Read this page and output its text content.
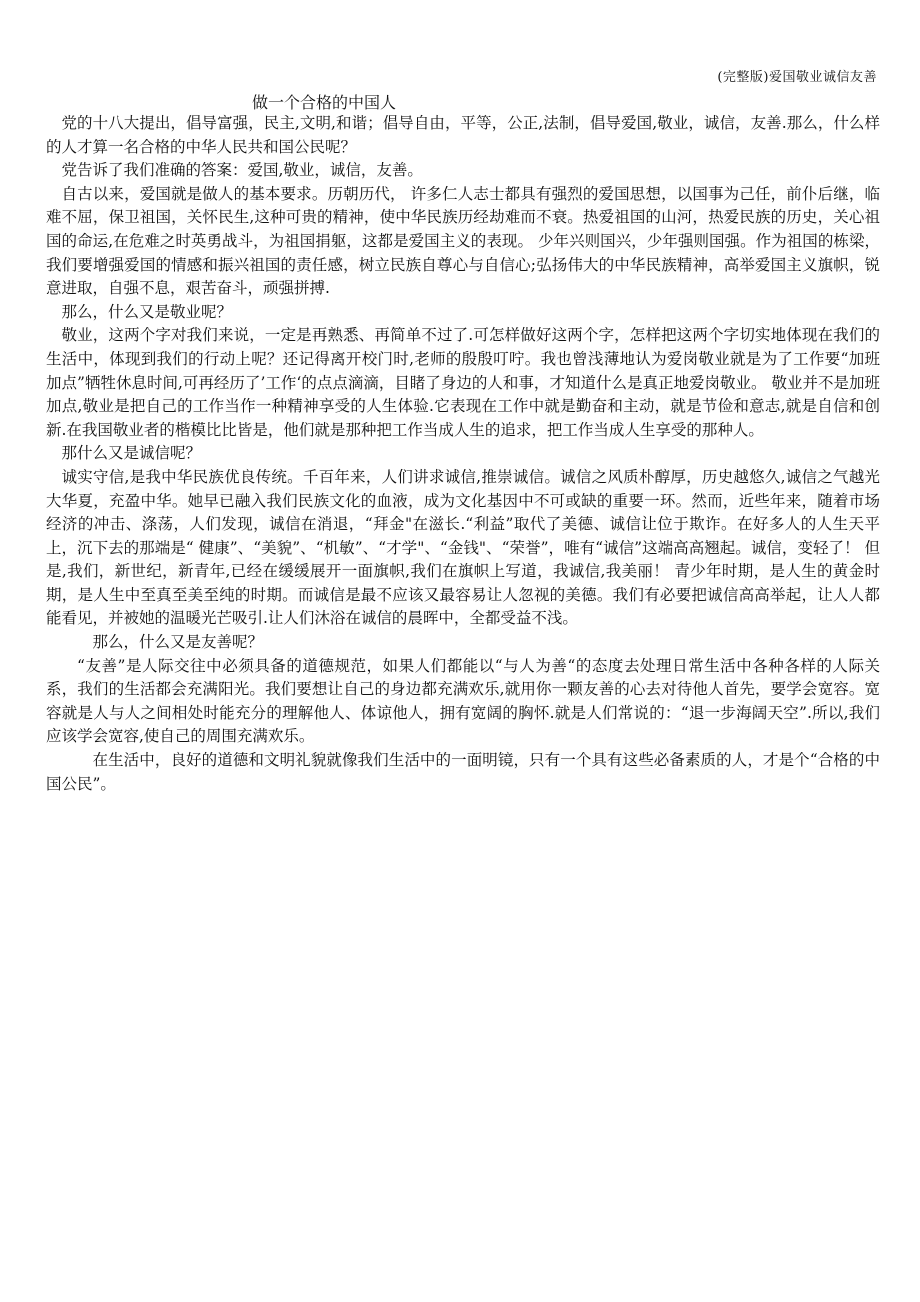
(完整版)爱国敬业诚信友善
做一个合格的中国人

党的十八大提出，倡导富强，民主,文明,和谐；倡导自由，平等，公正,法制，倡导爱国,敬业，诚信，友善.那么，什么样的人才算一名合格的中华人民共和国公民呢？

党告诉了我们准确的答案：爱国,敬业，诚信，友善。

自古以来，爱国就是做人的基本要求。历朝历代， 许多仁人志士都具有强烈的爱国思想，以国事为己任，前仆后继，临难不屈，保卫祖国，关怀民生,这种可贵的精神，使中华民族历经劫难而不衰。热爱祖国的山河，热爱民族的历史，关心祖国的命运,在危难之时英勇战斗，为祖国捐躯，这都是爱国主义的表现。 少年兴则国兴，少年强则国强。作为祖国的栋梁，我们要增强爱国的情感和振兴祖国的责任感，树立民族自尊心与自信心;弘扬伟大的中华民族精神，高举爱国主义旗帜，锐意进取，自强不息，艰苦奋斗，顽强拼搏.

那么，什么又是敬业呢？

敬业，这两个字对我们来说，一定是再熟悉、再简单不过了.可怎样做好这两个字，怎样把这两个字切实地体现在我们的生活中，体现到我们的行动上呢？还记得离开校门时,老师的殷殷叮咛。我也曾浅薄地认为爱岗敬业就是为了工作要“加班加点”牺牲休息时间,可再经历了’工作‘的点点滴滴，目睹了身边的人和事，才知道什么是真正地爱岗敬业。 敬业并不是加班加点,敬业是把自己的工作当作一种精神享受的人生体验.它表现在工作中就是勤奋和主动，就是节俭和意志,就是自信和创新.在我国敬业者的楷模比比皆是，他们就是那种把工作当成人生的追求，把工作当成人生享受的那种人。

那什么又是诚信呢？

诚实守信,是我中华民族优良传统。千百年来，人们讲求诚信,推崇诚信。诚信之风质朴醇厚，历史越悠久,诚信之气越光大华夏，充盈中华。她早已融入我们民族文化的血液，成为文化基因中不可或缺的重要一环。然而，近些年来，随着市场经济的冲击、涤荡，人们发现，诚信在消退，“拜金"在滋长.“利益”取代了美德、诚信让位于欺诈。在好多人的人生天平上，沉下去的那端是“ 健康”、“美貌”、“机敏”、“才学"、“金钱"、“荣誉”，唯有“诚信”这端高高翘起。诚信，变轻了！ 但是,我们，新世纪，新青年,已经在缓缓展开一面旗帜,我们在旗帜上写道，我诚信,我美丽！ 青少年时期，是人生的黄金时期，是人生中至真至美至纯的时期。而诚信是最不应该又最容易让人忽视的美德。我们有必要把诚信高高举起，让人人都能看见，并被她的温暖光芒吸引.让人们沐浴在诚信的晨晖中，全都受益不浅。

那么，什么又是友善呢？

“友善”是人际交往中必须具备的道德规范，如果人们都能以“与人为善“的态度去处理日常生活中各种各样的人际关系，我们的生活都会充满阳光。我们要想让自己的身边都充满欢乐,就用你一颗友善的心去对待他人首先，要学会宽容。宽容就是人与人之间相处时能充分的理解他人、体谅他人，拥有宽阔的胸怀.就是人们常说的：“退一步海阔天空”.所以,我们应该学会宽容,使自己的周围充满欢乐。

在生活中，良好的道德和文明礼貌就像我们生活中的一面明镜，只有一个具有这些必备素质的人，才是个“合格的中国公民”。
